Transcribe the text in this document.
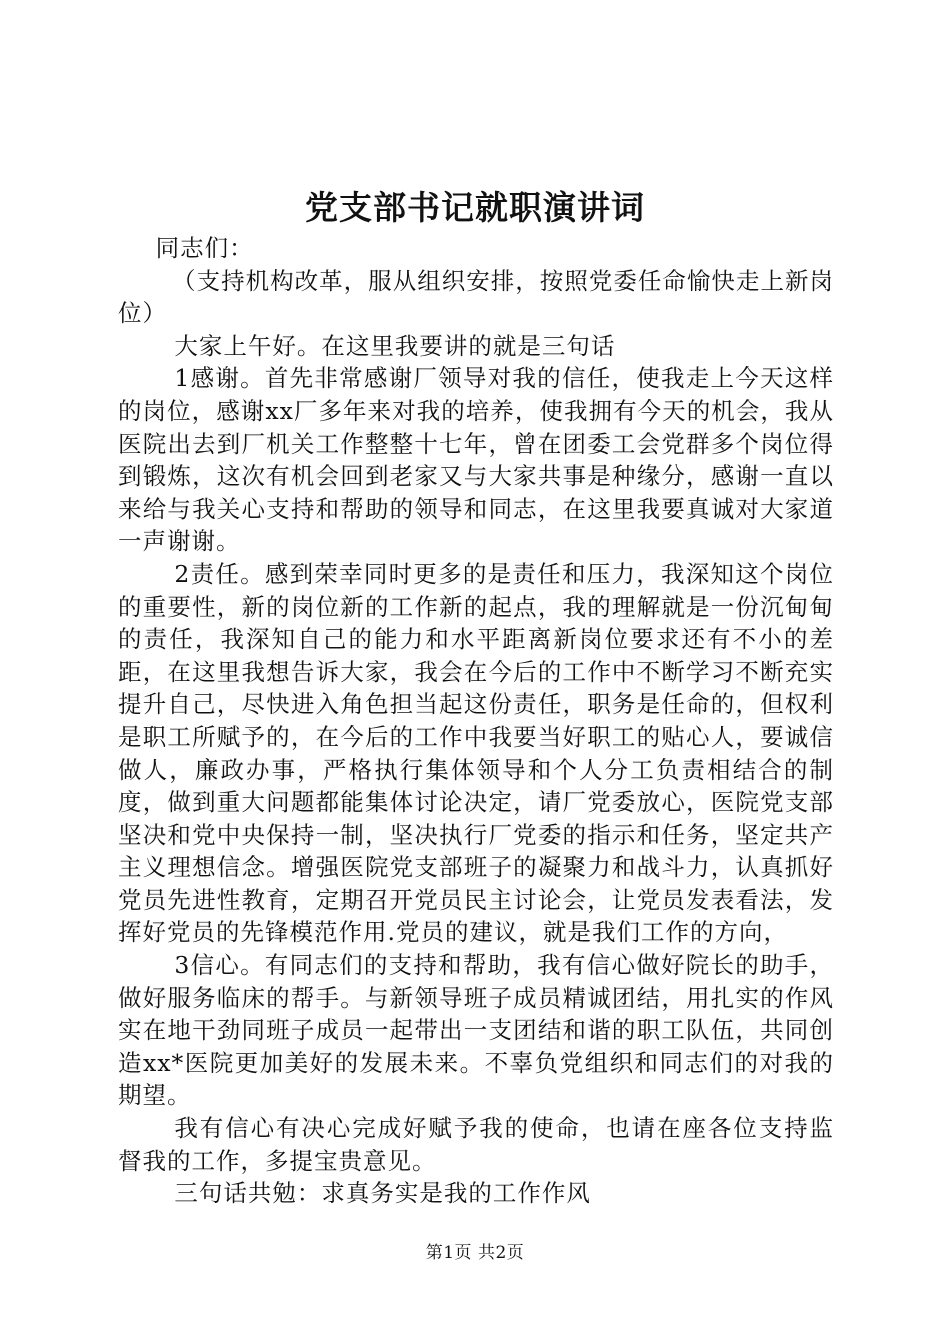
党支部书记就职演讲词

同志们：

（支持机构改革，服从组织安排，按照党委任命愉快走上新岗位）

大家上午好。在这里我要讲的就是三句话

1感谢。首先非常感谢厂领导对我的信任，使我走上今天这样的岗位，感谢xx厂多年来对我的培养，使我拥有今天的机会，我从医院出去到厂机关工作整整十七年，曾在团委工会党群多个岗位得到锻炼，这次有机会回到老家又与大家共事是种缘分，感谢一直以来给与我关心支持和帮助的领导和同志，在这里我要真诚对大家道一声谢谢。

2责任。感到荣幸同时更多的是责任和压力，我深知这个岗位的重要性，新的岗位新的工作新的起点，我的理解就是一份沉甸甸的责任，我深知自己的能力和水平距离新岗位要求还有不小的差距，在这里我想告诉大家，我会在今后的工作中不断学习不断充实提升自己，尽快进入角色担当起这份责任，职务是任命的，但权利是职工所赋予的，在今后的工作中我要当好职工的贴心人，要诚信做人，廉政办事，严格执行集体领导和个人分工负责相结合的制度，做到重大问题都能集体讨论决定，请厂党委放心，医院党支部坚决和党中央保持一制，坚决执行厂党委的指示和任务，坚定共产主义理想信念。增强医院党支部班子的凝聚力和战斗力，认真抓好党员先进性教育，定期召开党员民主讨论会，让党员发表看法，发挥好党员的先锋模范作用.党员的建议，就是我们工作的方向，

3信心。有同志们的支持和帮助，我有信心做好院长的助手，做好服务临床的帮手。与新领导班子成员精诚团结，用扎实的作风实在地干劲同班子成员一起带出一支团结和谐的职工队伍，共同创造xx*医院更加美好的发展未来。不辜负党组织和同志们的对我的期望。

我有信心有决心完成好赋予我的使命，也请在座各位支持监督我的工作，多提宝贵意见。

三句话共勉：求真务实是我的工作作风

第1页 共2页
